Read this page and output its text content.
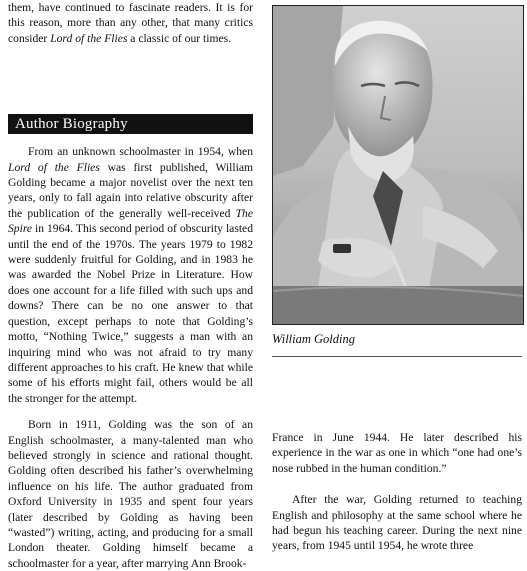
them, have continued to fascinate readers. It is for this reason, more than any other, that many critics consider Lord of the Flies a classic of our times.

Author Biography

From an unknown schoolmaster in 1954, when Lord of the Flies was first published, William Golding became a major novelist over the next ten years, only to fall again into relative obscurity after the publication of the generally well-received The Spire in 1964. This second period of obscurity lasted until the end of the 1970s. The years 1979 to 1982 were suddenly fruitful for Golding, and in 1983 he was awarded the Nobel Prize in Literature. How does one account for a life filled with such ups and downs? There can be no one answer to that question, except perhaps to note that Golding’s motto, “Nothing Twice,” suggests a man with an inquiring mind who was not afraid to try many different approaches to his craft. He knew that while some of his efforts might fail, others would be all the stronger for the attempt.

Born in 1911, Golding was the son of an English schoolmaster, a many-talented man who believed strongly in science and rational thought. Golding often described his father’s overwhelming influence on his life. The author graduated from Oxford University in 1935 and spent four years (later described by Golding as having been “wasted”) writing, acting, and producing for a small London theater. Golding himself became a schoolmaster for a year, after marrying Ann Brook-

William Golding

France in June 1944. He later described his experience in the war as one in which “one had one’s nose rubbed in the human condition.”

After the war, Golding returned to teaching English and philosophy at the same school where he had begun his teaching career. During the next nine years, from 1945 until 1954, he wrote three
